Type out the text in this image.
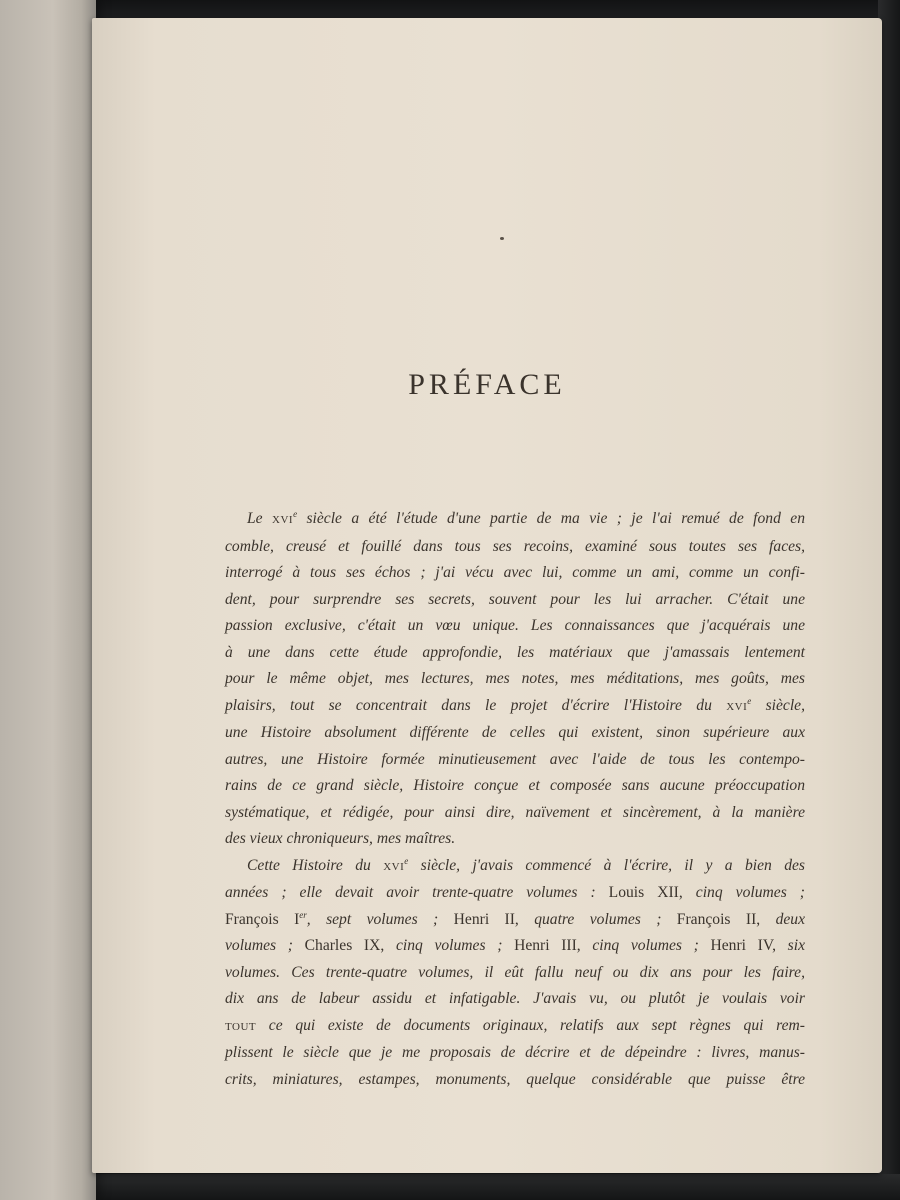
PRÉFACE
Le XVIe siècle a été l'étude d'une partie de ma vie ; je l'ai remué de fond en
comble, creusé et fouillé dans tous ses recoins, examiné sous toutes ses faces,
interrogé à tous ses échos ; j'ai vécu avec lui, comme un ami, comme un confi-
dent, pour surprendre ses secrets, souvent pour les lui arracher. C'était une
passion exclusive, c'était un vœu unique. Les connaissances que j'acquérais une
à une dans cette étude approfondie, les matériaux que j'amassais lentement
pour le même objet, mes lectures, mes notes, mes méditations, mes goûts, mes
plaisirs, tout se concentrait dans le projet d'écrire l'Histoire du XVIe siècle,
une Histoire absolument différente de celles qui existent, sinon supérieure aux
autres, une Histoire formée minutieusement avec l'aide de tous les contempo-
rains de ce grand siècle, Histoire conçue et composée sans aucune préoccupation
systématique, et rédigée, pour ainsi dire, naïvement et sincèrement, à la manière
des vieux chroniqueurs, mes maîtres.
Cette Histoire du XVIe siècle, j'avais commencé à l'écrire, il y a bien des
années ; elle devait avoir trente-quatre volumes : Louis XII, cinq volumes ;
François Ier, sept volumes ; Henri II, quatre volumes ; François II, deux
volumes ; Charles IX, cinq volumes ; Henri III, cinq volumes ; Henri IV, six
volumes. Ces trente-quatre volumes, il eût fallu neuf ou dix ans pour les faire,
dix ans de labeur assidu et infatigable. J'avais vu, ou plutôt je voulais voir
TOUT ce qui existe de documents originaux, relatifs aux sept règnes qui rem-
plissent le siècle que je me proposais de décrire et de dépeindre : livres, manus-
crits, miniatures, estampes, monuments, quelque considérable que puisse être
